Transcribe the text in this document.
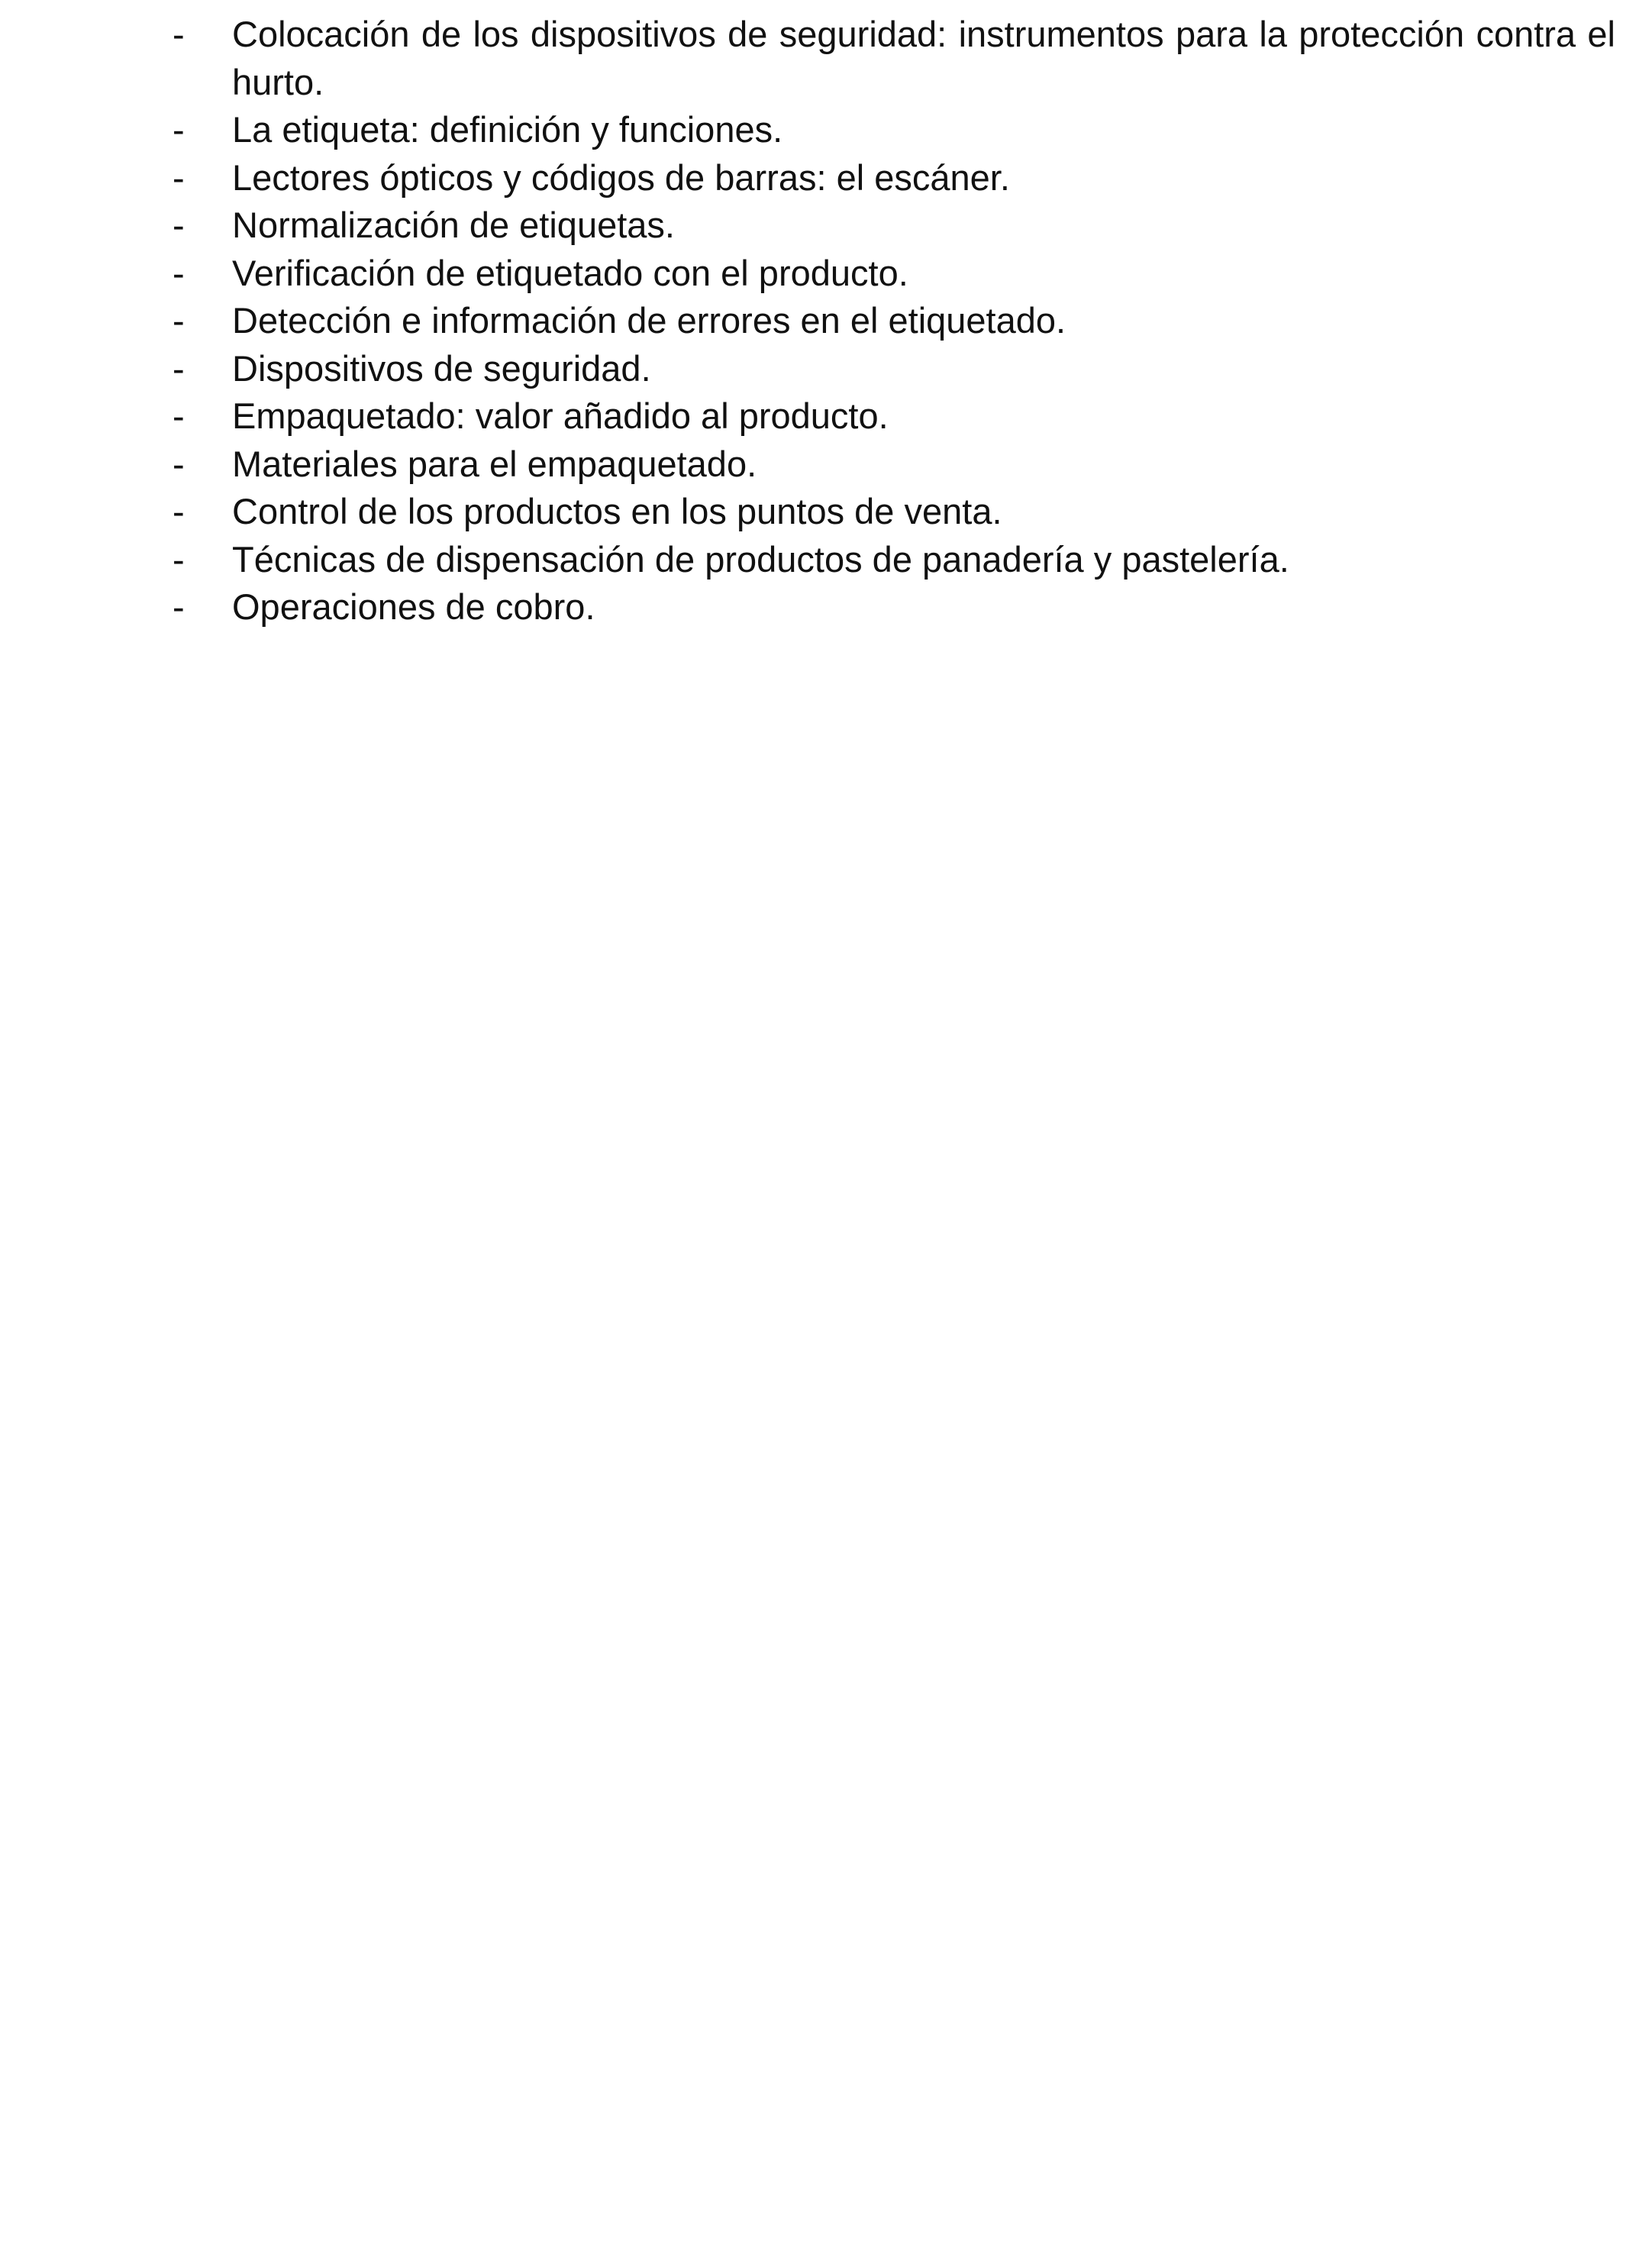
-	Colocación de los dispositivos de seguridad: instrumentos para la protección contra el hurto.
-	La etiqueta: definición y funciones.
-	Lectores ópticos y códigos de barras: el escáner.
-	Normalización de etiquetas.
-	Verificación de etiquetado con el producto.
-	Detección e información de errores en el etiquetado.
-	Dispositivos de seguridad.
-	Empaquetado: valor añadido al producto.
-	Materiales para el empaquetado.
-	Control de los productos en los puntos de venta.
-	Técnicas de dispensación de productos de panadería y pastelería.
-	Operaciones de cobro.
